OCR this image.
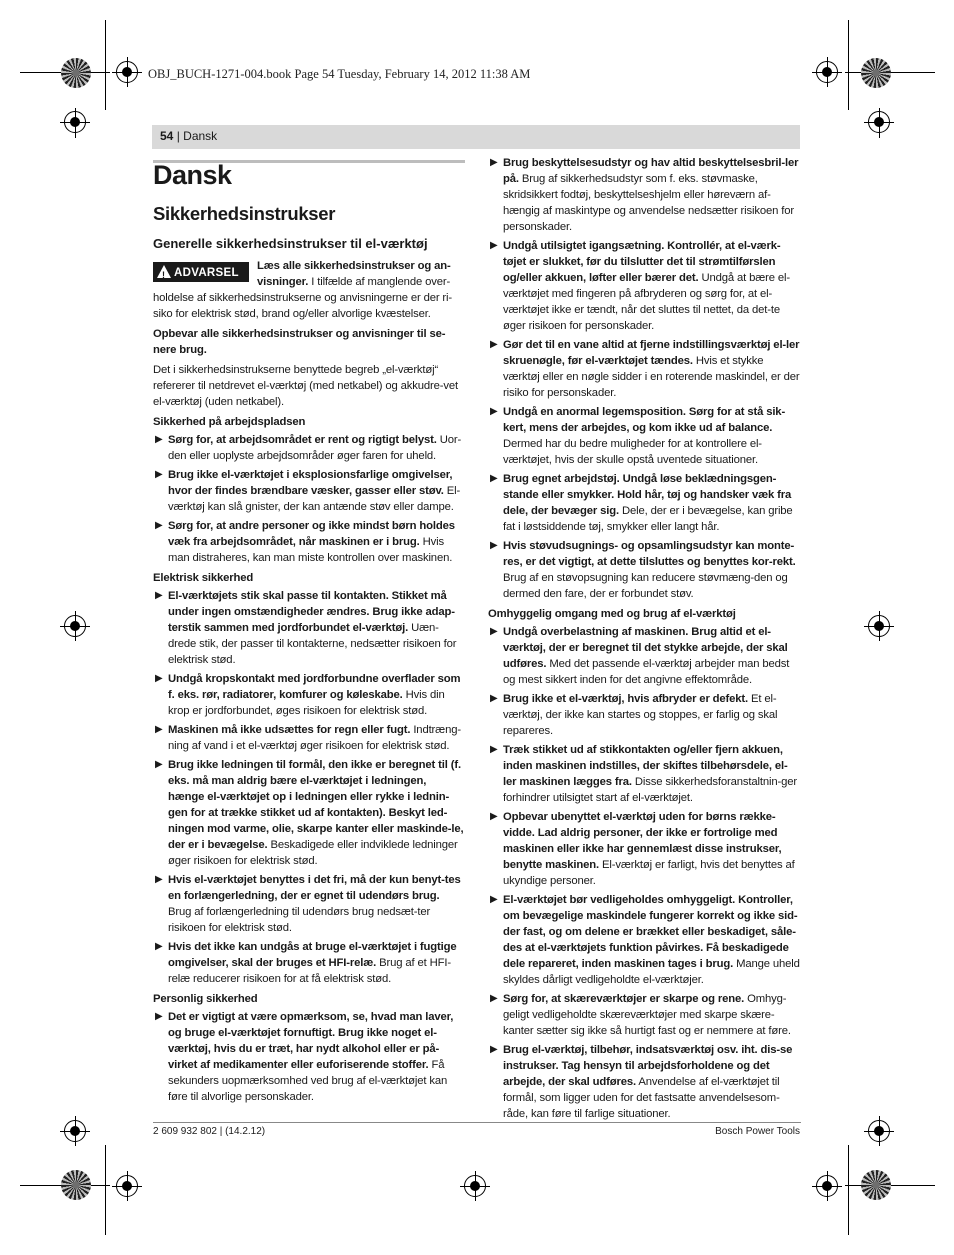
OBJ_BUCH-1271-004.book Page 54 Tuesday, February 14, 2012 11:38 AM
54 | Dansk
Dansk
Sikkerhedsinstrukser
Generelle sikkerhedsinstrukser til el-værktøj
! ADVARSEL

Læs alle sikkerhedsinstrukser og an-visninger. I tilfælde af manglende over-holdelse af sikkerhedsinstrukserne og anvisningerne er der ri-siko for elektrisk stød, brand og/eller alvorlige kvæstelser.

Opbevar alle sikkerhedsinstrukser og anvisninger til se-nere brug.

Det i sikkerhedsinstrukserne benyttede begreb „el-værktøj“ refererer til netdrevet el-værktøj (med netkabel) og akkudre-vet el-værktøj (uden netkabel).

Sikkerhed på arbejdspladsen
▶ Sørg for, at arbejdsområdet er rent og rigtigt belyst. Uor-den eller uoplyste arbejdsområder øger faren for uheld.
▶ Brug ikke el-værktøjet i eksplosionsfarlige omgivelser, hvor der findes brændbare væsker, gasser eller støv. El-værktøj kan slå gnister, der kan antænde støv eller dampe.
▶ Sørg for, at andre personer og ikke mindst børn holdes væk fra arbejdsområdet, når maskinen er i brug. Hvis man distraheres, kan man miste kontrollen over maskinen.
Elektrisk sikkerhed
▶ El-værktøjets stik skal passe til kontakten. Stikket må under ingen omstændigheder ændres. Brug ikke adap-terstik sammen med jordforbundet el-værktøj. Uæn-drede stik, der passer til kontakterne, nedsætter risikoen for elektrisk stød.
▶ Undgå kropskontakt med jordforbundne overflader som f. eks. rør, radiatorer, komfurer og køleskabe. Hvis din krop er jordforbundet, øges risikoen for elektrisk stød.
▶ Maskinen må ikke udsættes for regn eller fugt. Indtræng-ning af vand i et el-værktøj øger risikoen for elektrisk stød.
▶ Brug ikke ledningen til formål, den ikke er beregnet til (f. eks. må man aldrig bære el-værktøjet i ledningen, hænge el-værktøjet op i ledningen eller rykke i lednin-gen for at trække stikket ud af kontakten). Beskyt led-ningen mod varme, olie, skarpe kanter eller maskinde-le, der er i bevægelse. Beskadigede eller indviklede ledninger øger risikoen for elektrisk stød.
▶ Hvis el-værktøjet benyttes i det fri, må der kun benyt-tes en forlængerledning, der er egnet til udendørs brug. Brug af forlængerledning til udendørs brug nedsæt-ter risikoen for elektrisk stød.
▶ Hvis det ikke kan undgås at bruge el-værktøjet i fugtige omgivelser, skal der bruges et HFI-relæ. Brug af et HFI-relæ reducerer risikoen for at få elektrisk stød.
Personlig sikkerhed
▶ Det er vigtigt at være opmærksom, se, hvad man laver, og bruge el-værktøjet fornuftigt. Brug ikke noget el-værktøj, hvis du er træt, har nydt alkohol eller er på-virket af medikamenter eller euforiserende stoffer. Få sekunders uopmærksomhed ved brug af el-værktøjet kan føre til alvorlige personskader.
▶ Brug beskyttelsesudstyr og hav altid beskyttelsesbril-ler på. Brug af sikkerhedsudstyr som f. eks. støvmaske, skridsikkert fodtøj, beskyttelseshjelm eller høreværn af-hængig af maskintype og anvendelse nedsætter risikoen for personskader.
▶ Undgå utilsigtet igangsætning. Kontrollér, at el-værk-tøjet er slukket, før du tilslutter det til strømtilførslen og/eller akkuen, løfter eller bærer det. Undgå at bære el-værktøjet med fingeren på afbryderen og sørg for, at el-værktøjet ikke er tændt, når det sluttes til nettet, da det-te øger risikoen for personskader.
▶ Gør det til en vane altid at fjerne indstillingsværktøj el-ler skruenøgle, før el-værktøjet tændes. Hvis et stykke værktøj eller en nøgle sidder i en roterende maskindel, er der risiko for personskader.
▶ Undgå en anormal legemsposition. Sørg for at stå sik-kert, mens der arbejdes, og kom ikke ud af balance. Dermed har du bedre muligheder for at kontrollere el-værktøjet, hvis der skulle opstå uventede situationer.
▶ Brug egnet arbejdstøj. Undgå løse beklædningsgen-stande eller smykker. Hold hår, tøj og handsker væk fra dele, der bevæger sig. Dele, der er i bevægelse, kan gribe fat i løstsiddende tøj, smykker eller langt hår.
▶ Hvis støvudsugnings- og opsamlingsudstyr kan monte-res, er det vigtigt, at dette tilsluttes og benyttes kor-rekt. Brug af en støvopsugning kan reducere støvmæng-den og dermed den fare, der er forbundet støv.
Omhyggelig omgang med og brug af el-værktøj
▶ Undgå overbelastning af maskinen. Brug altid et el-værktøj, der er beregnet til det stykke arbejde, der skal udføres. Med det passende el-værktøj arbejder man bedst og mest sikkert inden for det angivne effektområde.
▶ Brug ikke et el-værktøj, hvis afbryder er defekt. Et el-værktøj, der ikke kan startes og stoppes, er farlig og skal repareres.
▶ Træk stikket ud af stikkontakten og/eller fjern akkuen, inden maskinen indstilles, der skiftes tilbehørsdele, el-ler maskinen lægges fra. Disse sikkerhedsforanstaltnin-ger forhindrer utilsigtet start af el-værktøjet.
▶ Opbevar ubenyttet el-værktøj uden for børns række-vidde. Lad aldrig personer, der ikke er fortrolige med maskinen eller ikke har gennemlæst disse instrukser, benytte maskinen. El-værktøj er farligt, hvis det benyttes af ukyndige personer.
▶ El-værktøjet bør vedligeholdes omhyggeligt. Kontroller, om bevægelige maskindele fungerer korrekt og ikke sid-der fast, og om delene er brækket eller beskadiget, såle-des at el-værktøjets funktion påvirkes. Få beskadigede dele repareret, inden maskinen tages i brug. Mange uheld skyldes dårligt vedligeholdte el-værktøjer.
▶ Sørg for, at skæreværktøjer er skarpe og rene. Omhyg-geligt vedligeholdte skæreværktøjer med skarpe skære-kanter sætter sig ikke så hurtigt fast og er nemmere at føre.
▶ Brug el-værktøj, tilbehør, indsatsværktøj osv. iht. dis-se instrukser. Tag hensyn til arbejdsforholdene og det arbejde, der skal udføres. Anvendelse af el-værktøjet til formål, som ligger uden for det fastsatte anvendelsesom-råde, kan føre til farlige situationer.
2 609 932 802 | (14.2.12)	Bosch Power Tools
